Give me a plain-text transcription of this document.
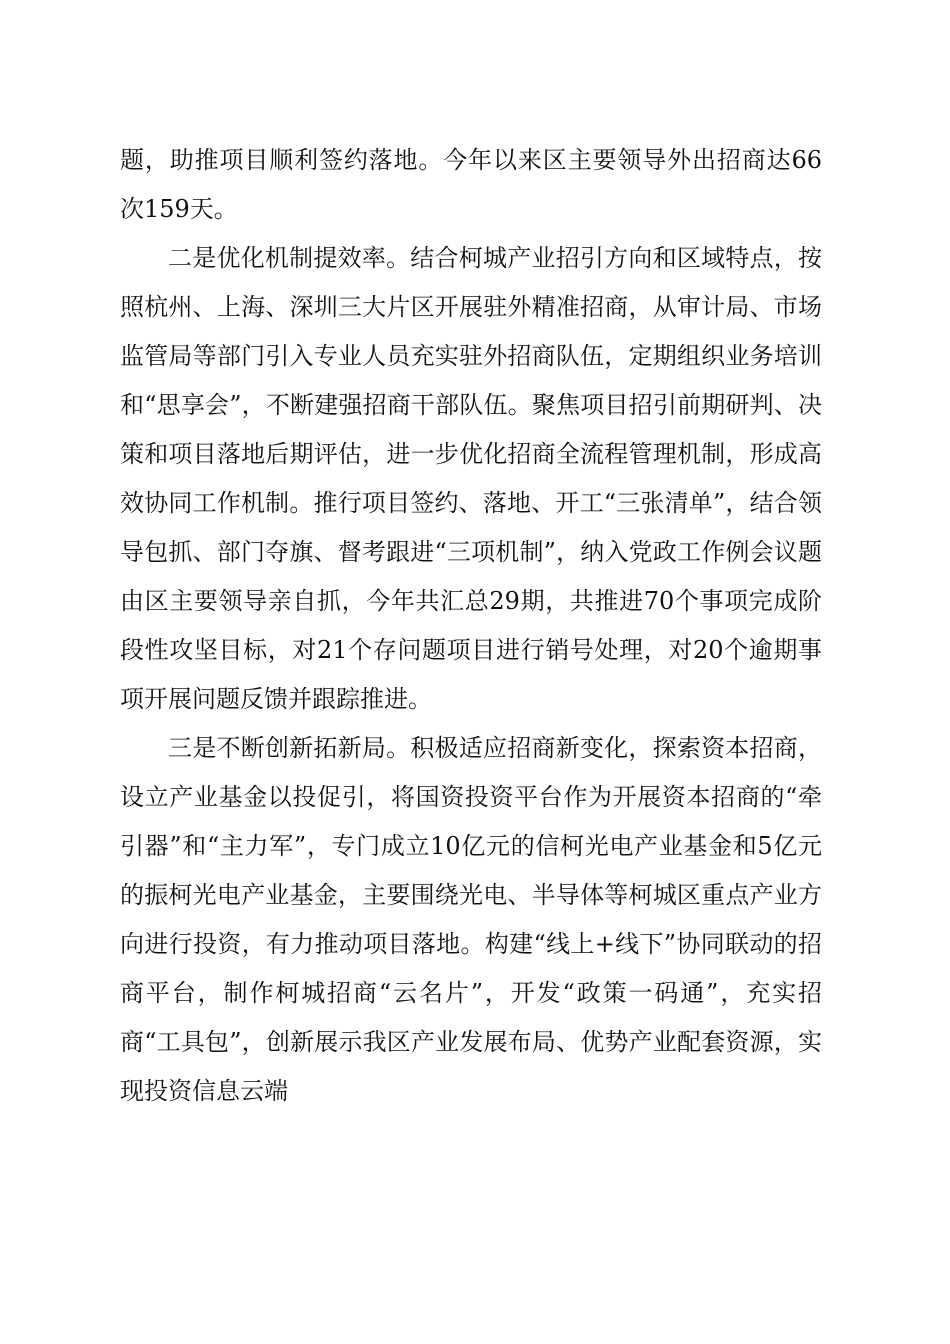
题，助推项目顺利签约落地。今年以来区主要领导外出招商达66次159天。

二是优化机制提效率。结合柯城产业招引方向和区域特点，按照杭州、上海、深圳三大片区开展驻外精准招商，从审计局、市场监管局等部门引入专业人员充实驻外招商队伍，定期组织业务培训和“思享会”，不断建强招商干部队伍。聚焦项目招引前期研判、决策和项目落地后期评估，进一步优化招商全流程管理机制，形成高效协同工作机制。推行项目签约、落地、开工“三张清单”，结合领导包抓、部门夺旗、督考跟进“三项机制”，纳入党政工作例会议题由区主要领导亲自抓，今年共汇总29期，共推进70个事项完成阶段性攻坚目标，对21个存问题项目进行销号处理，对20个逾期事项开展问题反馈并跟踪推进。

三是不断创新拓新局。积极适应招商新变化，探索资本招商，设立产业基金以投促引，将国资投资平台作为开展资本招商的“牵引器”和“主力军”，专门成立10亿元的信柯光电产业基金和5亿元的振柯光电产业基金，主要围绕光电、半导体等柯城区重点产业方向进行投资，有力推动项目落地。构建“线上+线下”协同联动的招商平台，制作柯城招商“云名片”，开发“政策一码通”，充实招商“工具包”，创新展示我区产业发展布局、优势产业配套资源，实现投资信息云端
